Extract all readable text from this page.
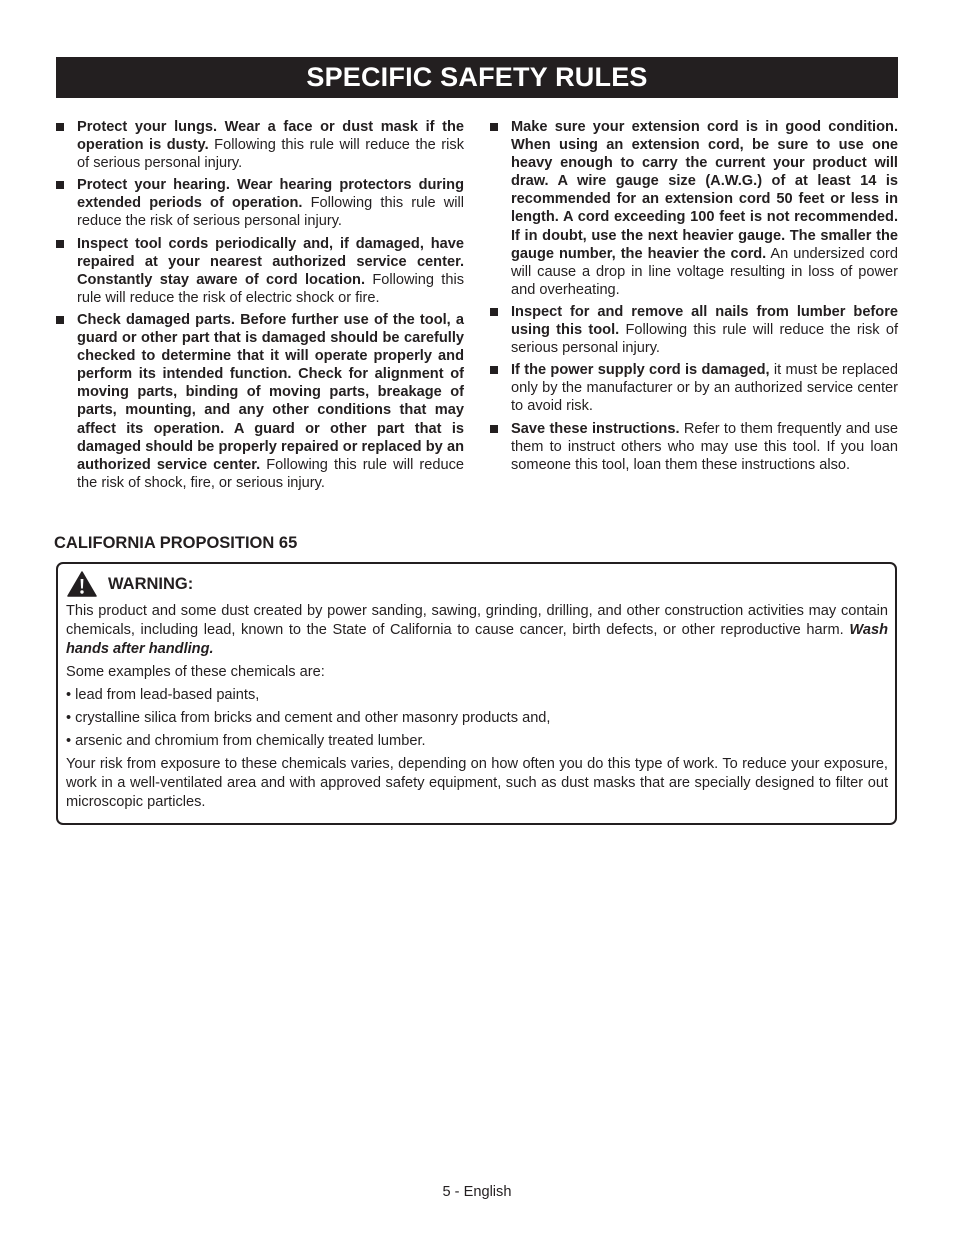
SPECIFIC SAFETY RULES
Protect your lungs. Wear a face or dust mask if the operation is dusty. Following this rule will reduce the risk of serious personal injury.
Protect your hearing. Wear hearing protectors during extended periods of operation. Following this rule will reduce the risk of serious personal injury.
Inspect tool cords periodically and, if damaged, have repaired at your nearest authorized service center. Constantly stay aware of cord location. Following this rule will reduce the risk of electric shock or fire.
Check damaged parts. Before further use of the tool, a guard or other part that is damaged should be carefully checked to determine that it will operate properly and perform its intended function. Check for alignment of moving parts, binding of moving parts, breakage of parts, mounting, and any other conditions that may affect its operation. A guard or other part that is damaged should be properly repaired or replaced by an authorized service center. Following this rule will reduce the risk of shock, fire, or serious injury.
Make sure your extension cord is in good condition. When using an extension cord, be sure to use one heavy enough to carry the current your product will draw. A wire gauge size (A.W.G.) of at least 14 is recommended for an extension cord 50 feet or less in length. A cord exceeding 100 feet is not recommended. If in doubt, use the next heavier gauge. The smaller the gauge number, the heavier the cord. An undersized cord will cause a drop in line voltage resulting in loss of power and overheating.
Inspect for and remove all nails from lumber before using this tool. Following this rule will reduce the risk of serious personal injury.
If the power supply cord is damaged, it must be replaced only by the manufacturer or by an authorized service center to avoid risk.
Save these instructions. Refer to them frequently and use them to instruct others who may use this tool. If you loan someone this tool, loan them these instructions also.
CALIFORNIA PROPOSITION 65
WARNING:

This product and some dust created by power sanding, sawing, grinding, drilling, and other construction activities may contain chemicals, including lead, known to the State of California to cause cancer, birth defects, or other reproductive harm. Wash hands after handling.

Some examples of these chemicals are:

• lead from lead-based paints,

• crystalline silica from bricks and cement and other masonry products and,

• arsenic and chromium from chemically treated lumber.

Your risk from exposure to these chemicals varies, depending on how often you do this type of work. To reduce your exposure, work in a well-ventilated area and with approved safety equipment, such as dust masks that are specially designed to filter out microscopic particles.

5 - English
